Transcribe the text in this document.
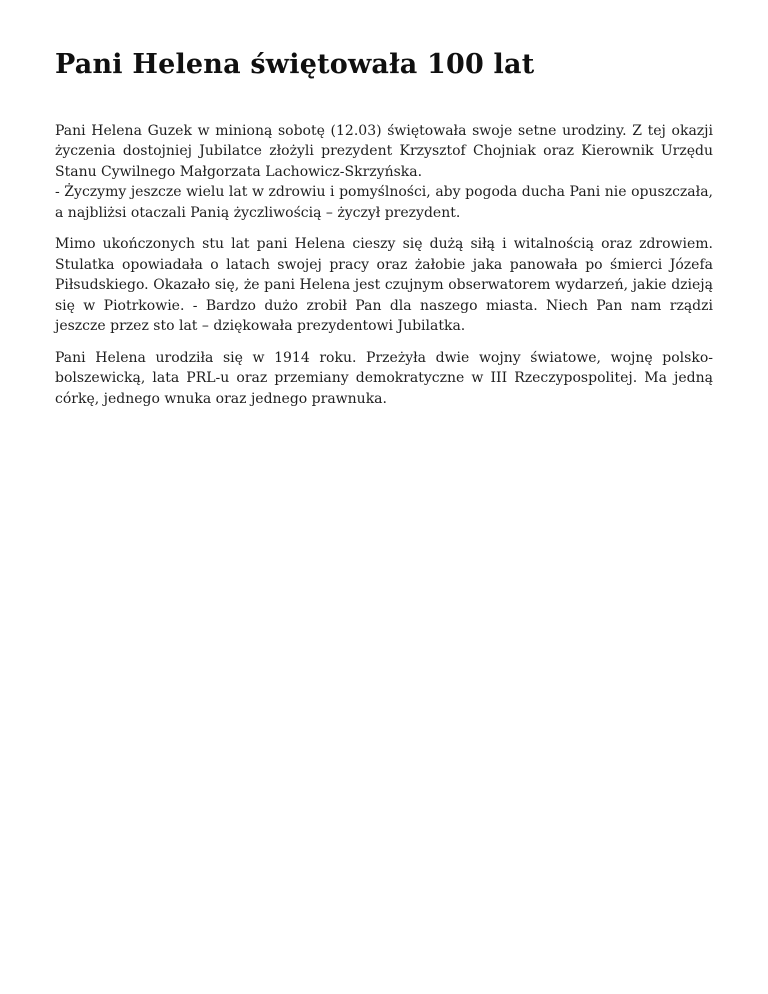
Pani Helena świętowała 100 lat
Pani Helena Guzek w minioną sobotę (12.03) świętowała swoje setne urodziny. Z tej okazji życzenia dostojniej Jubilatce złożyli prezydent Krzysztof Chojniak oraz Kierownik Urzędu Stanu Cywilnego Małgorzata Lachowicz-Skrzyńska.
- Życzymy jeszcze wielu lat w zdrowiu i pomyślności, aby pogoda ducha Pani nie opuszczała, a najbliżsi otaczali Panią życzliwością – życzył prezydent.
Mimo ukończonych stu lat pani Helena cieszy się dużą siłą i witalnością oraz zdrowiem. Stulatka opowiadała o latach swojej pracy oraz żałobie jaka panowała po śmierci Józefa Piłsudskiego. Okazało się, że pani Helena jest czujnym obserwatorem wydarzeń, jakie dzieją się w Piotrkowie. - Bardzo dużo zrobił Pan dla naszego miasta. Niech Pan nam rządzi jeszcze przez sto lat – dziękowała prezydentowi Jubilatka.
Pani Helena urodziła się w 1914 roku. Przeżyła dwie wojny światowe, wojnę polsko-bolszewicką, lata PRL-u oraz przemiany demokratyczne w III Rzeczypospolitej. Ma jedną córkę, jednego wnuka oraz jednego prawnuka.
